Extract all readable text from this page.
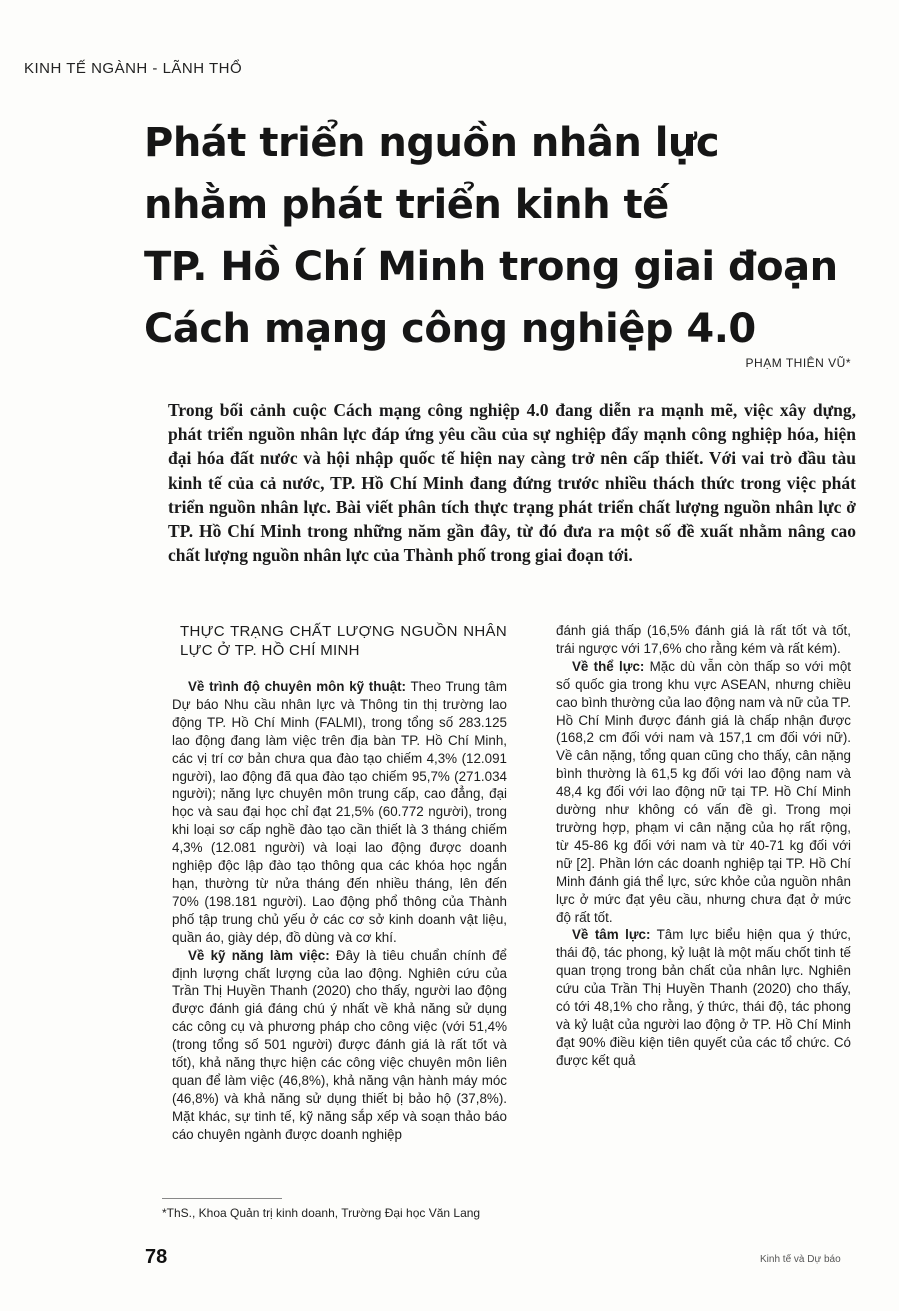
KINH TẾ NGÀNH - LÃNH THỔ
Phát triển nguồn nhân lực
nhằm phát triển kinh tế
TP. Hồ Chí Minh trong giai đoạn
Cách mạng công nghiệp 4.0
PHẠM THIÊN VŨ*

Trong bối cảnh cuộc Cách mạng công nghiệp 4.0 đang diễn ra mạnh mẽ, việc xây dựng, phát triển nguồn nhân lực đáp ứng yêu cầu của sự nghiệp đẩy mạnh công nghiệp hóa, hiện đại hóa đất nước và hội nhập quốc tế hiện nay càng trở nên cấp thiết. Với vai trò đầu tàu kinh tế của cả nước, TP. Hồ Chí Minh đang đứng trước nhiều thách thức trong việc phát triển nguồn nhân lực. Bài viết phân tích thực trạng phát triển chất lượng nguồn nhân lực ở TP. Hồ Chí Minh trong những năm gần đây, từ đó đưa ra một số đề xuất nhằm nâng cao chất lượng nguồn nhân lực của Thành phố trong giai đoạn tới.

THỰC TRẠNG CHẤT LƯỢNG NGUỒN NHÂN LỰC Ở TP. HỒ CHÍ MINH

Về trình độ chuyên môn kỹ thuật: Theo Trung tâm Dự báo Nhu cầu nhân lực và Thông tin thị trường lao động TP. Hồ Chí Minh (FALMI), trong tổng số 283.125 lao động đang làm việc trên địa bàn TP. Hồ Chí Minh, các vị trí cơ bản chưa qua đào tạo chiếm 4,3% (12.091 người), lao động đã qua đào tạo chiếm 95,7% (271.034 người); năng lực chuyên môn trung cấp, cao đẳng, đại học và sau đại học chỉ đạt 21,5% (60.772 người), trong khi loại sơ cấp nghề đào tạo cần thiết là 3 tháng chiếm 4,3% (12.081 người) và loại lao động được doanh nghiệp độc lập đào tạo thông qua các khóa học ngắn hạn, thường từ nửa tháng đến nhiều tháng, lên đến 70% (198.181 người). Lao động phổ thông của Thành phố tập trung chủ yếu ở các cơ sở kinh doanh vật liệu, quần áo, giày dép, đồ dùng và cơ khí.

Về kỹ năng làm việc: Đây là tiêu chuẩn chính để định lượng chất lượng của lao động. Nghiên cứu của Trần Thị Huyền Thanh (2020) cho thấy, người lao động được đánh giá đáng chú ý nhất về khả năng sử dụng các công cụ và phương pháp cho công việc (với 51,4% (trong tổng số 501 người) được đánh giá là rất tốt và tốt), khả năng thực hiện các công việc chuyên môn liên quan để làm việc (46,8%), khả năng vận hành máy móc (46,8%) và khả năng sử dụng thiết bị bảo hộ (37,8%). Mặt khác, sự tinh tế, kỹ năng sắp xếp và soạn thảo báo cáo chuyên ngành được doanh nghiệp

đánh giá thấp (16,5% đánh giá là rất tốt và tốt, trái ngược với 17,6% cho rằng kém và rất kém).

Về thể lực: Mặc dù vẫn còn thấp so với một số quốc gia trong khu vực ASEAN, nhưng chiều cao bình thường của lao động nam và nữ của TP. Hồ Chí Minh được đánh giá là chấp nhận được (168,2 cm đối với nam và 157,1 cm đối với nữ). Về cân nặng, tổng quan cũng cho thấy, cân nặng bình thường là 61,5 kg đối với lao động nam và 48,4 kg đối với lao động nữ tại TP. Hồ Chí Minh dường như không có vấn đề gì. Trong mọi trường hợp, phạm vi cân nặng của họ rất rộng, từ 45-86 kg đối với nam và từ 40-71 kg đối với nữ [2]. Phần lớn các doanh nghiệp tại TP. Hồ Chí Minh đánh giá thể lực, sức khỏe của nguồn nhân lực ở mức đạt yêu cầu, nhưng chưa đạt ở mức độ rất tốt.

Về tâm lực: Tâm lực biểu hiện qua ý thức, thái độ, tác phong, kỷ luật là một mấu chốt tinh tế quan trọng trong bản chất của nhân lực. Nghiên cứu của Trần Thị Huyền Thanh (2020) cho thấy, có tới 48,1% cho rằng, ý thức, thái độ, tác phong và kỷ luật của người lao động ở TP. Hồ Chí Minh đạt 90% điều kiện tiên quyết của các tổ chức. Có được kết quả

*ThS., Khoa Quản trị kinh doanh, Trường Đại học Văn Lang
78	Kinh tế và Dự báo
